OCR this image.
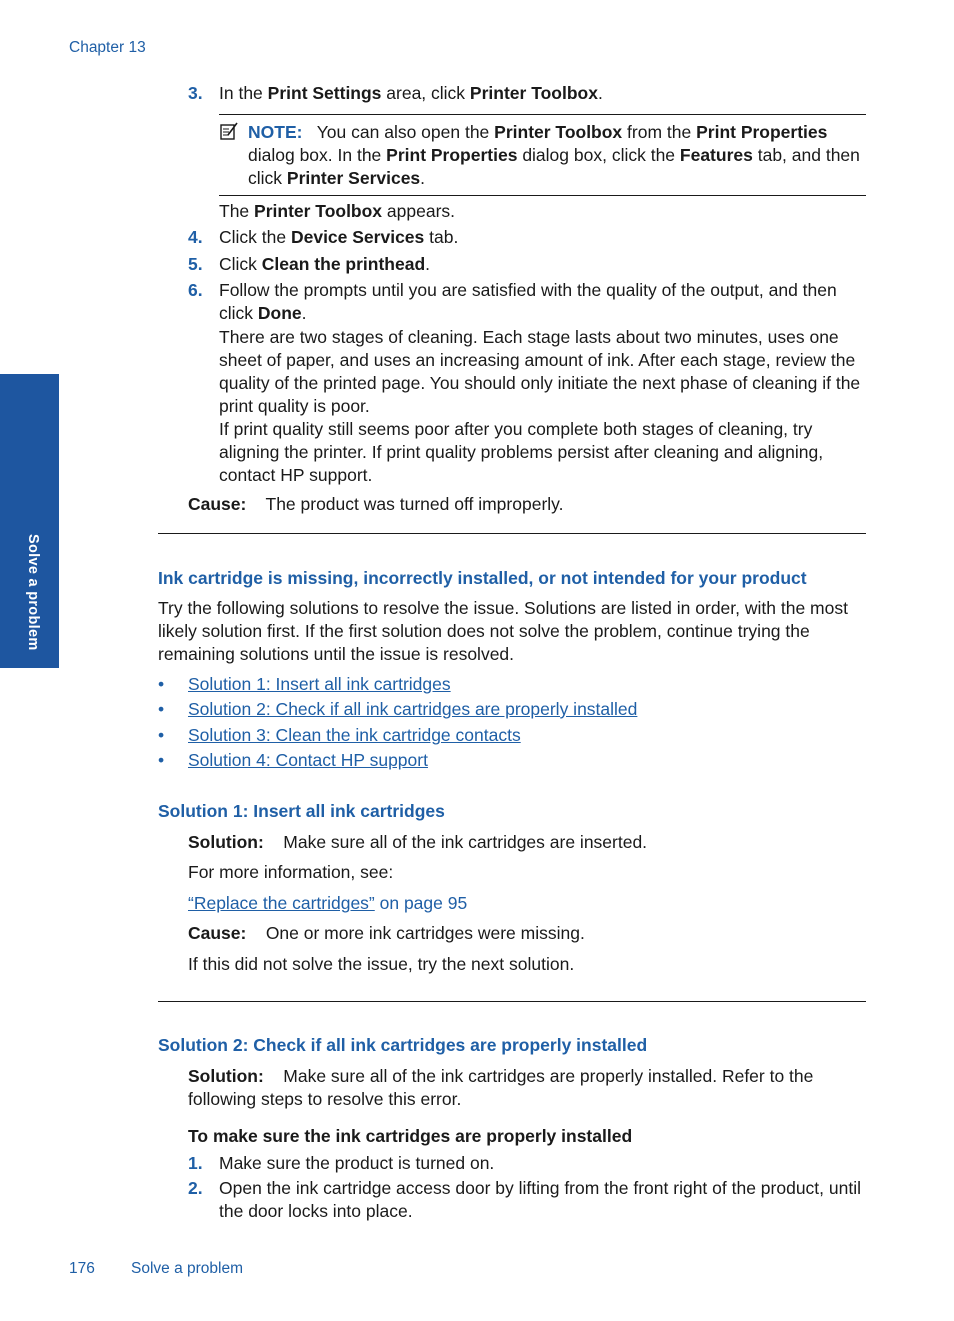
Chapter 13
Solve a problem
3. In the Print Settings area, click Printer Toolbox.
NOTE: You can also open the Printer Toolbox from the Print Properties dialog box. In the Print Properties dialog box, click the Features tab, and then click Printer Services.
The Printer Toolbox appears.
4. Click the Device Services tab.
5. Click Clean the printhead.
6. Follow the prompts until you are satisfied with the quality of the output, and then click Done.
There are two stages of cleaning. Each stage lasts about two minutes, uses one sheet of paper, and uses an increasing amount of ink. After each stage, review the quality of the printed page. You should only initiate the next phase of cleaning if the print quality is poor.
If print quality still seems poor after you complete both stages of cleaning, try aligning the printer. If print quality problems persist after cleaning and aligning, contact HP support.
Cause: The product was turned off improperly.
Ink cartridge is missing, incorrectly installed, or not intended for your product
Try the following solutions to resolve the issue. Solutions are listed in order, with the most likely solution first. If the first solution does not solve the problem, continue trying the remaining solutions until the issue is resolved.
• Solution 1: Insert all ink cartridges
• Solution 2: Check if all ink cartridges are properly installed
• Solution 3: Clean the ink cartridge contacts
• Solution 4: Contact HP support
Solution 1: Insert all ink cartridges
Solution: Make sure all of the ink cartridges are inserted.
For more information, see:
“Replace the cartridges” on page 95
Cause: One or more ink cartridges were missing.
If this did not solve the issue, try the next solution.
Solution 2: Check if all ink cartridges are properly installed
Solution: Make sure all of the ink cartridges are properly installed. Refer to the following steps to resolve this error.
To make sure the ink cartridges are properly installed
1. Make sure the product is turned on.
2. Open the ink cartridge access door by lifting from the front right of the product, until the door locks into place.
176 Solve a problem
